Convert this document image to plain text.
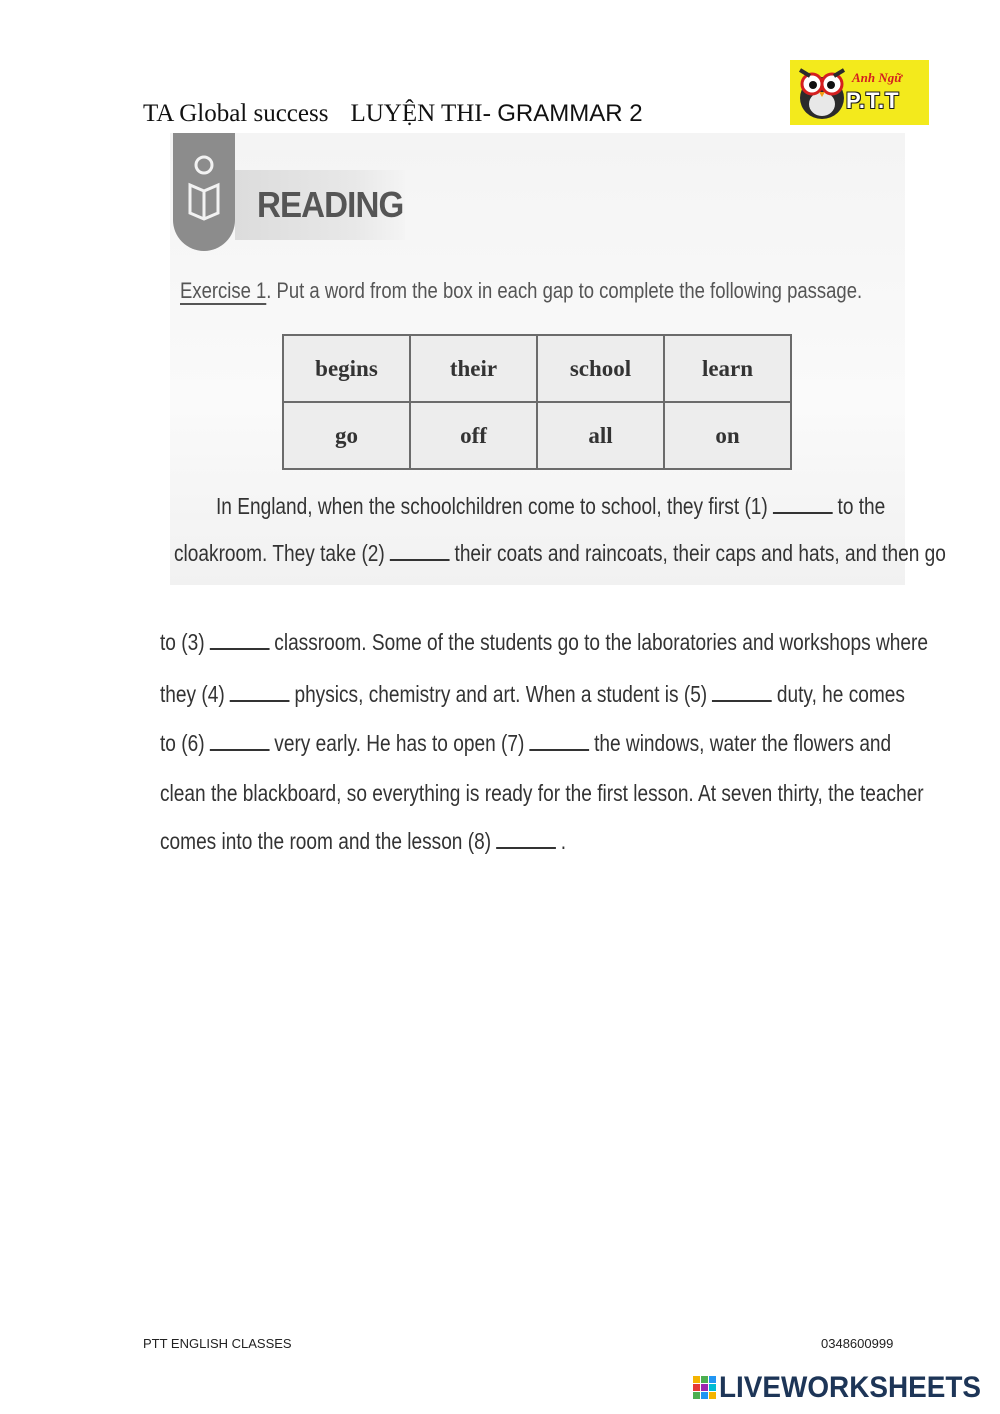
TA Global success LUYỆN THI- GRAMMAR 2
Anh Ngữ
P.T.T
READING
Exercise 1. Put a word from the box in each gap to complete the following passage.
begins	their	school	learn
go	off	all	on
In England, when the schoolchildren come to school, they first (1)	to the
cloakroom. They take (2)	their coats and raincoats, their caps and hats, and then go
to (3)	classroom. Some of the students go to the laboratories and workshops where
they (4)	physics, chemistry and art. When a student is (5)	duty, he comes
to (6)	very early. He has to open (7)	the windows, water the flowers and
clean the blackboard, so everything is ready for the first lesson. At seven thirty, the teacher
comes into the room and the lesson (8)	.
PTT ENGLISH CLASSES	0348600999
LIVEWORKSHEETS
